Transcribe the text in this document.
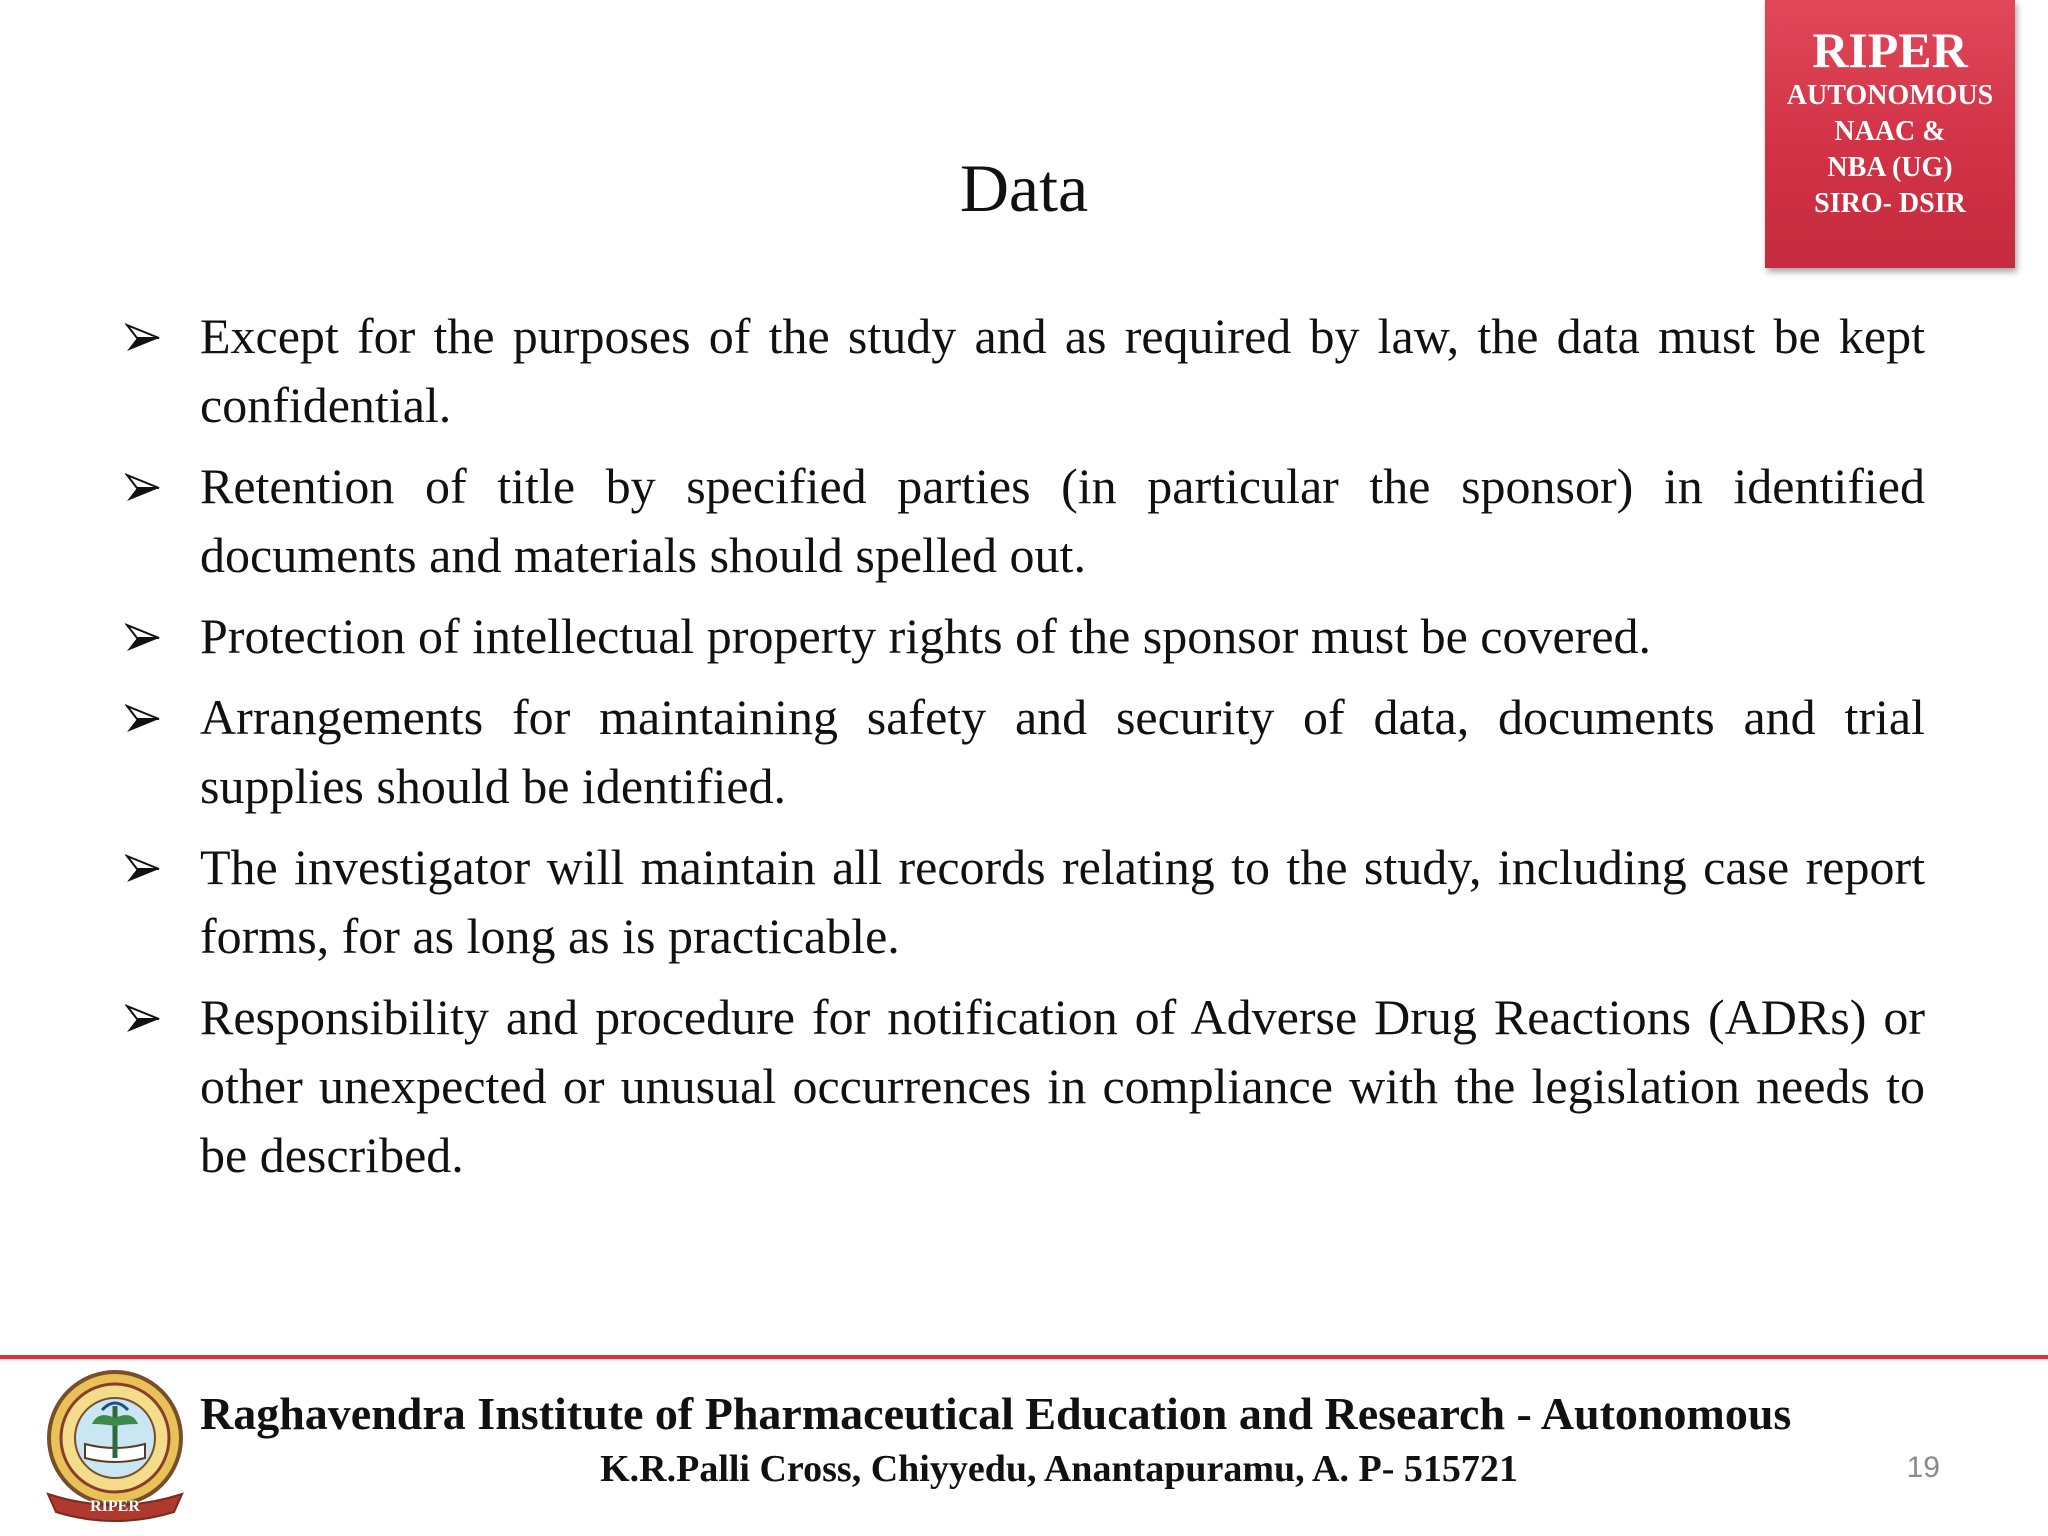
RIPER
AUTONOMOUS
NAAC &
NBA (UG)
SIRO- DSIR
Data
Except for the purposes of the study and as required by law, the data must be kept confidential.
Retention of title by specified parties (in particular the sponsor) in identified documents and materials should spelled out.
Protection of intellectual property rights of the sponsor must be covered.
Arrangements for maintaining safety and security of data, documents and trial supplies should be identified.
The investigator will maintain all records relating to the study, including case report forms, for as long as is practicable.
Responsibility and procedure for notification of Adverse Drug Reactions (ADRs) or other unexpected or unusual occurrences in compliance with the legislation needs to be described.
RIPER
Raghavendra Institute of Pharmaceutical Education and Research - Autonomous
K.R.Palli Cross, Chiyyedu, Anantapuramu, A. P- 515721	19
